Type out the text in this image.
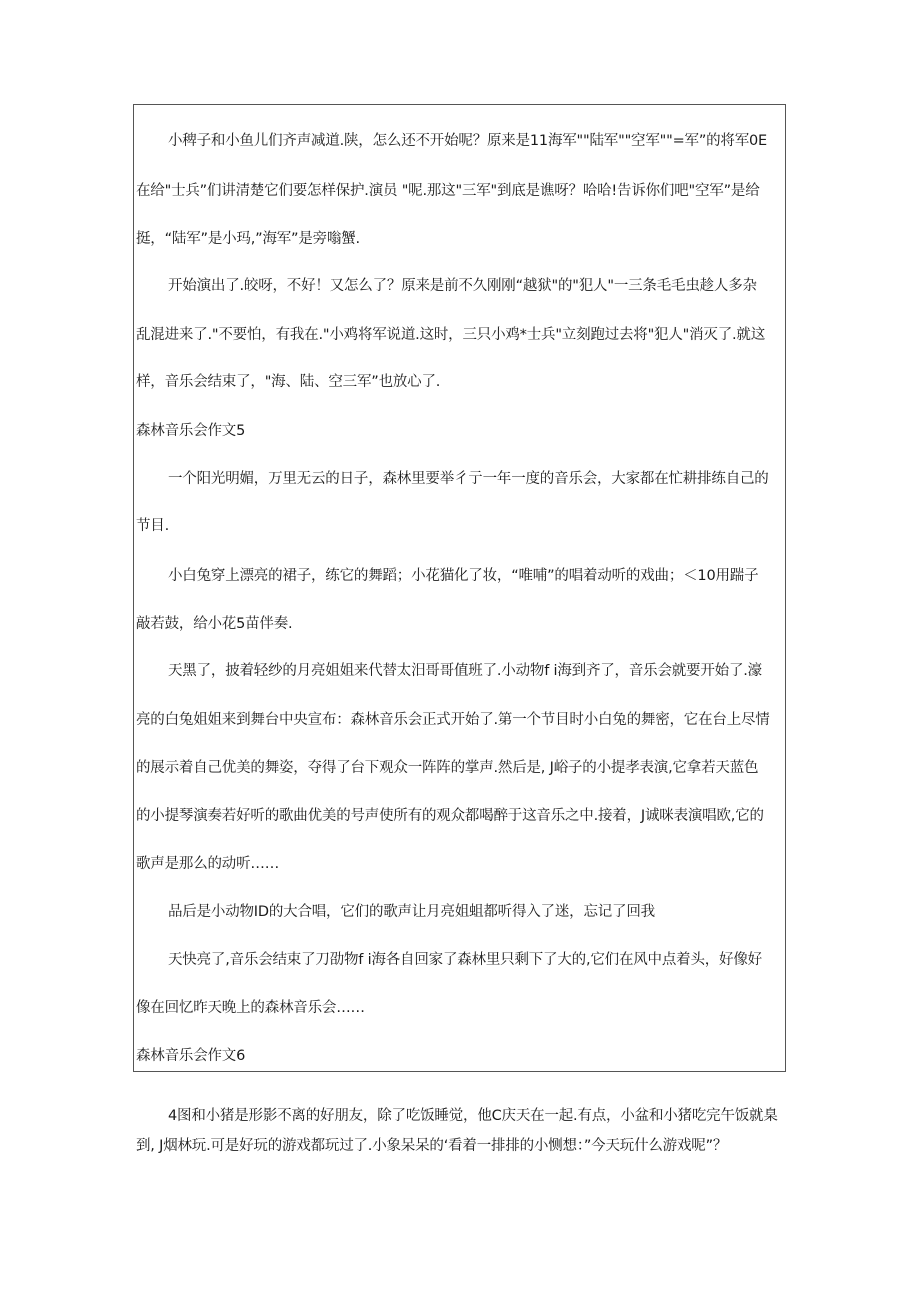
小稗子和小鱼儿们齐声减道.陕，怎么还不开始呢？原来是11海军""陆军""空军""=军”的将军0E
在给"士兵”们讲清楚它们要怎样保护.演员 "呢.那这"三军"到底是谯呀？哈哈!告诉你们吧"空军”是给
挺，“陆军”是小玛,”海军”是旁嗡蟹.
开始演出了.皎呀，不好！又怎么了？原来是前不久刚刚“越狱"的"犯人"一三条毛毛虫趁人多杂
乱混进来了."不要怕，有我在."小鸡将军说道.这时，三只小鸡*士兵"立刻跑过去将"犯人"消灭了.就这
样，音乐会结束了，"海、陆、空三军”也放心了.
森林音乐会作文5
一个阳光明媚，万里无云的日子，森林里要举彳亍一年一度的音乐会，大家都在忙耕排练自己的
节目.
小白兔穿上漂亮的裙子，练它的舞蹈；小花猫化了妆，“唯哺”的唱着动听的戏曲；＜10用踹子
敲若鼓，给小花5苗伴奏.
天黑了，披着轻纱的月亮姐姐来代替太汨哥哥值班了.小动物f i海到齐了，音乐会就要开始了.濠
亮的白兔姐姐来到舞台中央宣布：森林音乐会正式开始了.第一个节目时小白兔的舞密，它在台上尽情
的展示着自己优美的舞姿，夺得了台下观众一阵阵的掌声.然后是, J峪子的小提孝表演,它拿若天蓝色
的小提琴演奏若好听的歌曲优美的号声使所有的观众都喝醉于这音乐之中.接着，J诚咪表演唱欧,它的
歌声是那么的动听……
品后是小动物ID的大合唱，它们的歌声让月亮姐蛆都听得入了迷，忘记了回我
天快亮了,音乐会结束了刀劭物f i海各自回家了森林里只剩下了大的,它们在风中点着头，好像好
像在回忆昨天晚上的森林音乐会……
森林音乐会作文6
4图和小猪是形影不离的好朋友，除了吃饭睡觉，他C庆天在一起.有点，小盆和小猪吃完午饭就臬
到, J烟林玩.可是好玩的游戏都玩过了.小象呆呆的‘看着一排排的小恻想：”今天玩什么游戏呢”？
